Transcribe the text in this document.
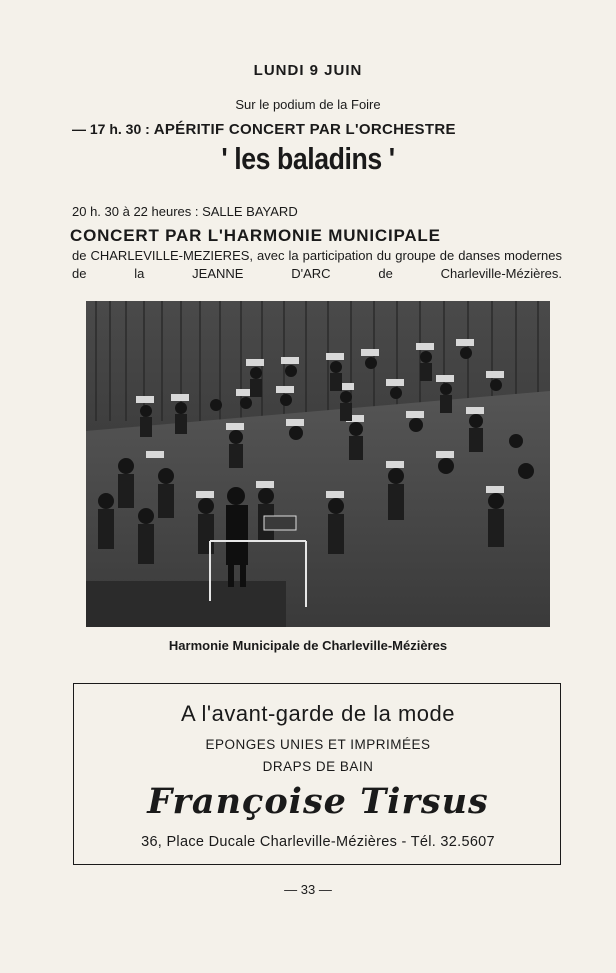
LUNDI 9 JUIN
Sur le podium de la Foire
— 17 h. 30 : APÉRITIF CONCERT PAR L'ORCHESTRE
' les baladins '
20 h. 30 à 22 heures : SALLE BAYARD
CONCERT PAR L'HARMONIE MUNICIPALE
de CHARLEVILLE-MEZIERES, avec la participation du groupe de danses modernes de la JEANNE D'ARC de Charleville-Mézières.
Harmonie Municipale de Charleville-Mézières
A l'avant-garde de la mode
EPONGES UNIES ET IMPRIMÉES
DRAPS DE BAIN
Françoise Tirsus
36, Place Ducale Charleville-Mézières - Tél. 32.5607
— 33 —
